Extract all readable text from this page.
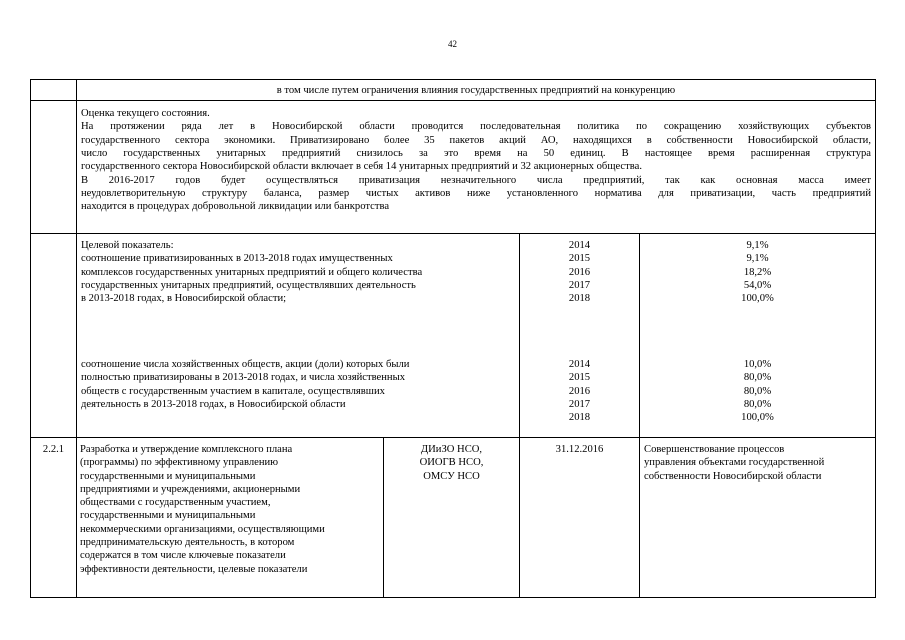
42
в том числе путем ограничения влияния государственных предприятий на конкуренцию
Оценка текущего состояния.
На протяжении ряда лет в Новосибирской области проводится последовательная политика по сокращению хозяйствующих субъектов
государственного сектора экономики. Приватизировано более 35 пакетов акций АО, находящихся в собственности Новосибирской области,
число государственных унитарных предприятий снизилось за это время на 50 единиц. В настоящее время расширенная структура
государственного сектора Новосибирской области включает в себя 14 унитарных предприятий и 32 акционерных общества.
В 2016-2017 годов будет осуществляться приватизация незначительного числа предприятий, так как основная масса имеет
неудовлетворительную структуру баланса, размер чистых активов ниже установленного норматива для приватизации, часть предприятий
находится в процедурах добровольной ликвидации или банкротства
Целевой показатель:
соотношение приватизированных в 2013-2018 годах имущественных
комплексов государственных унитарных предприятий и общего количества
государственных унитарных предприятий, осуществлявших деятельность
в 2013-2018 годах, в Новосибирской области;
2014
2015
2016
2017
2018
9,1%
9,1%
18,2%
54,0%
100,0%
соотношение числа хозяйственных обществ, акции (доли) которых были
полностью приватизированы в 2013-2018 годах, и числа хозяйственных
обществ с государственным участием в капитале, осуществлявших
деятельность в 2013-2018 годах, в Новосибирской области
2014
2015
2016
2017
2018
10,0%
80,0%
80,0%
80,0%
100,0%
2.2.1	Разработка и утверждение комплексного плана
(программы) по эффективному управлению
государственными и муниципальными
предприятиями и учреждениями, акционерными
обществами с государственным участием,
государственными и муниципальными
некоммерческими организациями, осуществляющими
предпринимательскую деятельность, в котором
содержатся в том числе ключевые показатели
эффективности деятельности, целевые показатели
ДИиЗО НСО,
ОИОГВ НСО,
ОМСУ НСО
31.12.2016	Совершенствование процессов
управления объектами государственной
собственности Новосибирской области
